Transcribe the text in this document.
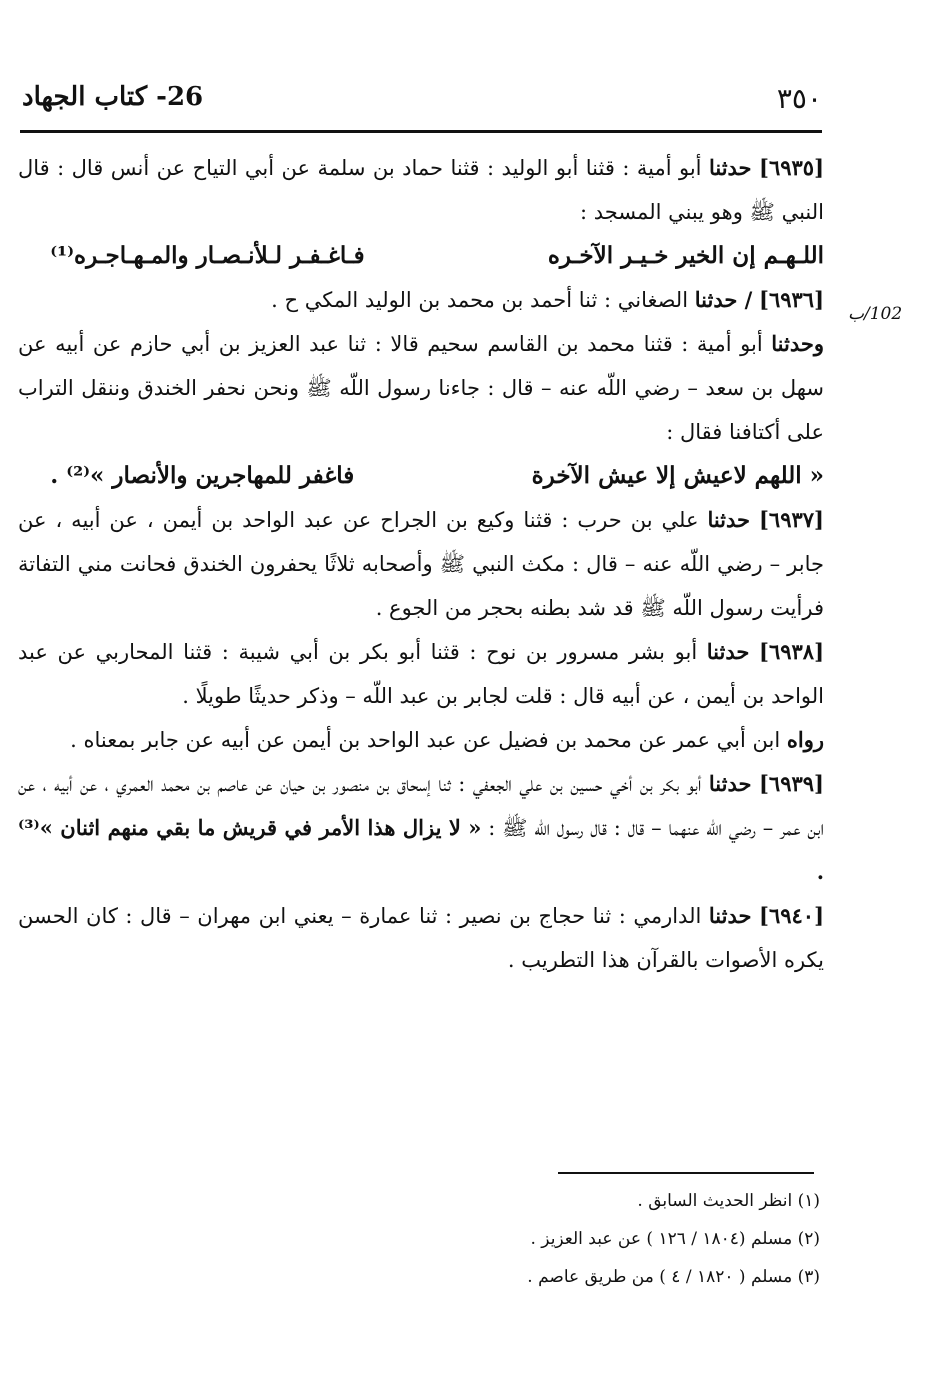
٣٥٠
26- كتاب الجهاد
102/ب

[٦٩٣٥] حدثنا أبو أمية : قثنا أبو الوليد : قثنا حماد بن سلمة عن أبي التياح عن أنس قال : قال النبي ﷺ وهو يبني المسجد :

اللـهـم إن الخير خـيـر الآخـرهفـاغـفـر لـلأنـصـار والمـهـاجـره⁽¹⁾

[٦٩٣٦] / حدثنا الصغاني : ثنا أحمد بن محمد بن الوليد المكي ح .

وحدثنا أبو أمية : قثنا محمد بن القاسم سحيم قالا : ثنا عبد العزيز بن أبي حازم عن أبيه عن سهل بن سعد – رضي اللّه عنه – قال : جاءنا رسول اللّه ﷺ ونحن نحفر الخندق وننقل التراب على أكتافنا فقال :

« اللهم لاعيش إلا عيش الآخرةفاغفر للمهاجرين والأنصار »⁽²⁾ .

[٦٩٣٧] حدثنا علي بن حرب : قثنا وكيع بن الجراح عن عبد الواحد بن أيمن ، عن أبيه ، عن جابر – رضي اللّه عنه – قال : مكث النبي ﷺ وأصحابه ثلاثًا يحفرون الخندق فحانت مني التفاتة فرأيت رسول اللّه ﷺ قد شد بطنه بحجر من الجوع .

[٦٩٣٨] حدثنا أبو بشر مسرور بن نوح : قثنا أبو بكر بن أبي شيبة : قثنا المحاربي عن عبد الواحد بن أيمن ، عن أبيه قال : قلت لجابر بن عبد اللّه – وذكر حديثًا طويلًا .

رواه ابن أبي عمر عن محمد بن فضيل عن عبد الواحد بن أيمن عن أبيه عن جابر بمعناه .

[٦٩٣٩] حدثنا أبو بكر بن أخي حسين بن علي الجعفي : ثنا إسحاق بن منصور بن حيان عن عاصم بن محمد العمري ، عن أبيه ، عن ابن عمر – رضي اللّه عنهما – قال : قال رسول اللّه ﷺ : « لا يزال هذا الأمر في قريش ما بقي منهم اثنان »⁽³⁾ .

[٦٩٤٠] حدثنا الدارمي : ثنا حجاج بن نصير : ثنا عمارة – يعني ابن مهران – قال : كان الحسن يكره الأصوات بالقرآن هذا التطريب .

(١) انظر الحديث السابق .

(٢) مسلم (١٨٠٤ / ١٢٦ ) عن عبد العزيز .

(٣) مسلم ( ١٨٢٠ / ٤ ) من طريق عاصم .
